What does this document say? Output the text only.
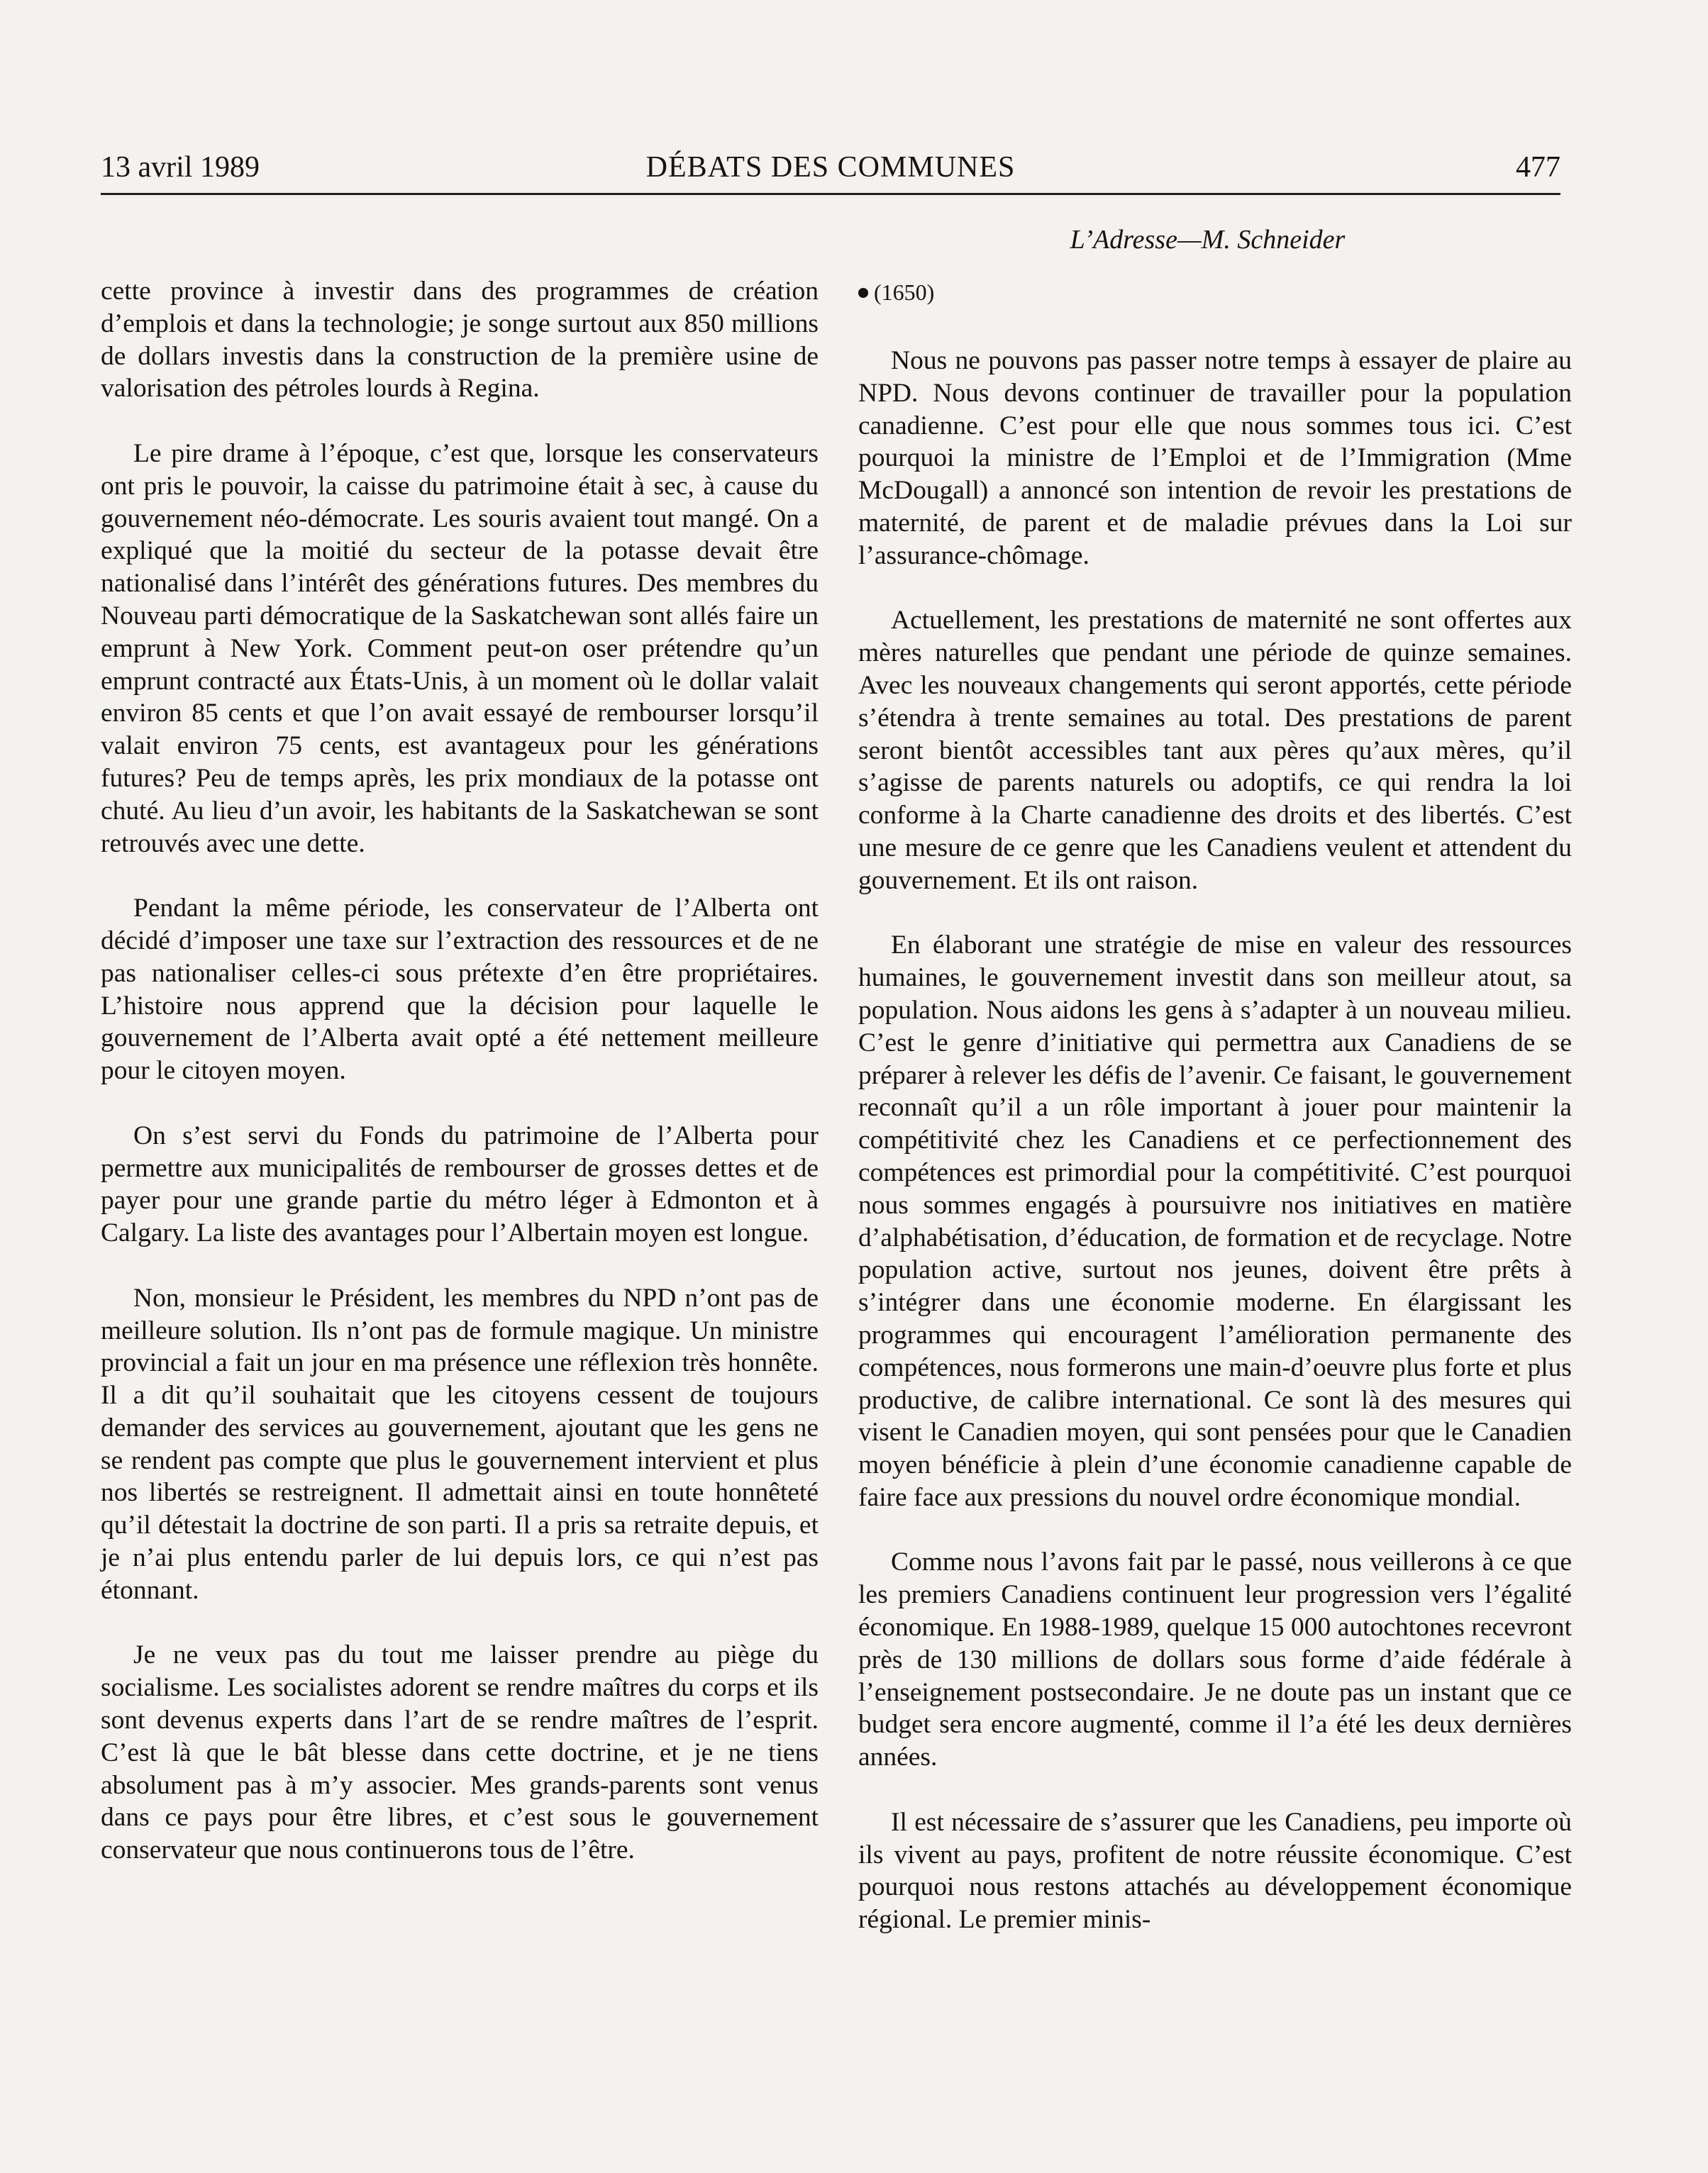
13 avril 1989	DÉBATS DES COMMUNES	477
L’Adresse—M. Schneider

cette province à investir dans des programmes de création d’emplois et dans la technologie; je songe surtout aux 850 millions de dollars investis dans la construction de la première usine de valorisation des pétroles lourds à Regina.

Le pire drame à l’époque, c’est que, lorsque les conservateurs ont pris le pouvoir, la caisse du patrimoine était à sec, à cause du gouvernement néo-démocrate. Les souris avaient tout mangé. On a expliqué que la moitié du secteur de la potasse devait être nationalisé dans l’intérêt des générations futures. Des membres du Nouveau parti démocratique de la Saskatchewan sont allés faire un emprunt à New York. Comment peut-on oser prétendre qu’un emprunt contracté aux États-Unis, à un moment où le dollar valait environ 85 cents et que l’on avait essayé de rembourser lorsqu’il valait environ 75 cents, est avantageux pour les générations futures? Peu de temps après, les prix mondiaux de la potasse ont chuté. Au lieu d’un avoir, les habitants de la Saskatchewan se sont retrouvés avec une dette.

Pendant la même période, les conservateur de l’Alberta ont décidé d’imposer une taxe sur l’extraction des ressources et de ne pas nationaliser celles-ci sous prétexte d’en être propriétaires. L’histoire nous apprend que la décision pour laquelle le gouvernement de l’Alberta avait opté a été nettement meilleure pour le citoyen moyen.

On s’est servi du Fonds du patrimoine de l’Alberta pour permettre aux municipalités de rembourser de grosses dettes et de payer pour une grande partie du métro léger à Edmonton et à Calgary. La liste des avantages pour l’Albertain moyen est longue.

Non, monsieur le Président, les membres du NPD n’ont pas de meilleure solution. Ils n’ont pas de formule magique. Un ministre provincial a fait un jour en ma présence une réflexion très honnête. Il a dit qu’il souhaitait que les citoyens cessent de toujours demander des services au gouvernement, ajoutant que les gens ne se rendent pas compte que plus le gouvernement intervient et plus nos libertés se restreignent. Il admettait ainsi en toute honnêteté qu’il détestait la doctrine de son parti. Il a pris sa retraite depuis, et je n’ai plus entendu parler de lui depuis lors, ce qui n’est pas étonnant.

Je ne veux pas du tout me laisser prendre au piège du socialisme. Les socialistes adorent se rendre maîtres du corps et ils sont devenus experts dans l’art de se rendre maîtres de l’esprit. C’est là que le bât blesse dans cette doctrine, et je ne tiens absolument pas à m’y associer. Mes grands-parents sont venus dans ce pays pour être libres, et c’est sous le gouvernement conservateur que nous continuerons tous de l’être.

(1650)

Nous ne pouvons pas passer notre temps à essayer de plaire au NPD. Nous devons continuer de travailler pour la population canadienne. C’est pour elle que nous sommes tous ici. C’est pourquoi la ministre de l’Emploi et de l’Immigration (Mme McDougall) a annoncé son intention de revoir les prestations de maternité, de parent et de maladie prévues dans la Loi sur l’assurance-chômage.

Actuellement, les prestations de maternité ne sont offertes aux mères naturelles que pendant une période de quinze semaines. Avec les nouveaux changements qui seront apportés, cette période s’étendra à trente semaines au total. Des prestations de parent seront bientôt accessibles tant aux pères qu’aux mères, qu’il s’agisse de parents naturels ou adoptifs, ce qui rendra la loi conforme à la Charte canadienne des droits et des libertés. C’est une mesure de ce genre que les Canadiens veulent et attendent du gouvernement. Et ils ont raison.

En élaborant une stratégie de mise en valeur des ressources humaines, le gouvernement investit dans son meilleur atout, sa population. Nous aidons les gens à s’adapter à un nouveau milieu. C’est le genre d’initiative qui permettra aux Canadiens de se préparer à relever les défis de l’avenir. Ce faisant, le gouvernement reconnaît qu’il a un rôle important à jouer pour maintenir la compétitivité chez les Canadiens et ce perfectionnement des compétences est primordial pour la compétitivité. C’est pourquoi nous sommes engagés à poursuivre nos initiatives en matière d’alphabétisation, d’éducation, de formation et de recyclage. Notre population active, surtout nos jeunes, doivent être prêts à s’intégrer dans une économie moderne. En élargissant les programmes qui encouragent l’amélioration permanente des compétences, nous formerons une main-d’oeuvre plus forte et plus productive, de calibre international. Ce sont là des mesures qui visent le Canadien moyen, qui sont pensées pour que le Canadien moyen bénéficie à plein d’une économie canadienne capable de faire face aux pressions du nouvel ordre économique mondial.

Comme nous l’avons fait par le passé, nous veillerons à ce que les premiers Canadiens continuent leur progression vers l’égalité économique. En 1988-1989, quelque 15 000 autochtones recevront près de 130 millions de dollars sous forme d’aide fédérale à l’enseignement postsecondaire. Je ne doute pas un instant que ce budget sera encore augmenté, comme il l’a été les deux dernières années.

Il est nécessaire de s’assurer que les Canadiens, peu importe où ils vivent au pays, profitent de notre réussite économique. C’est pourquoi nous restons attachés au développement économique régional. Le premier minis-
